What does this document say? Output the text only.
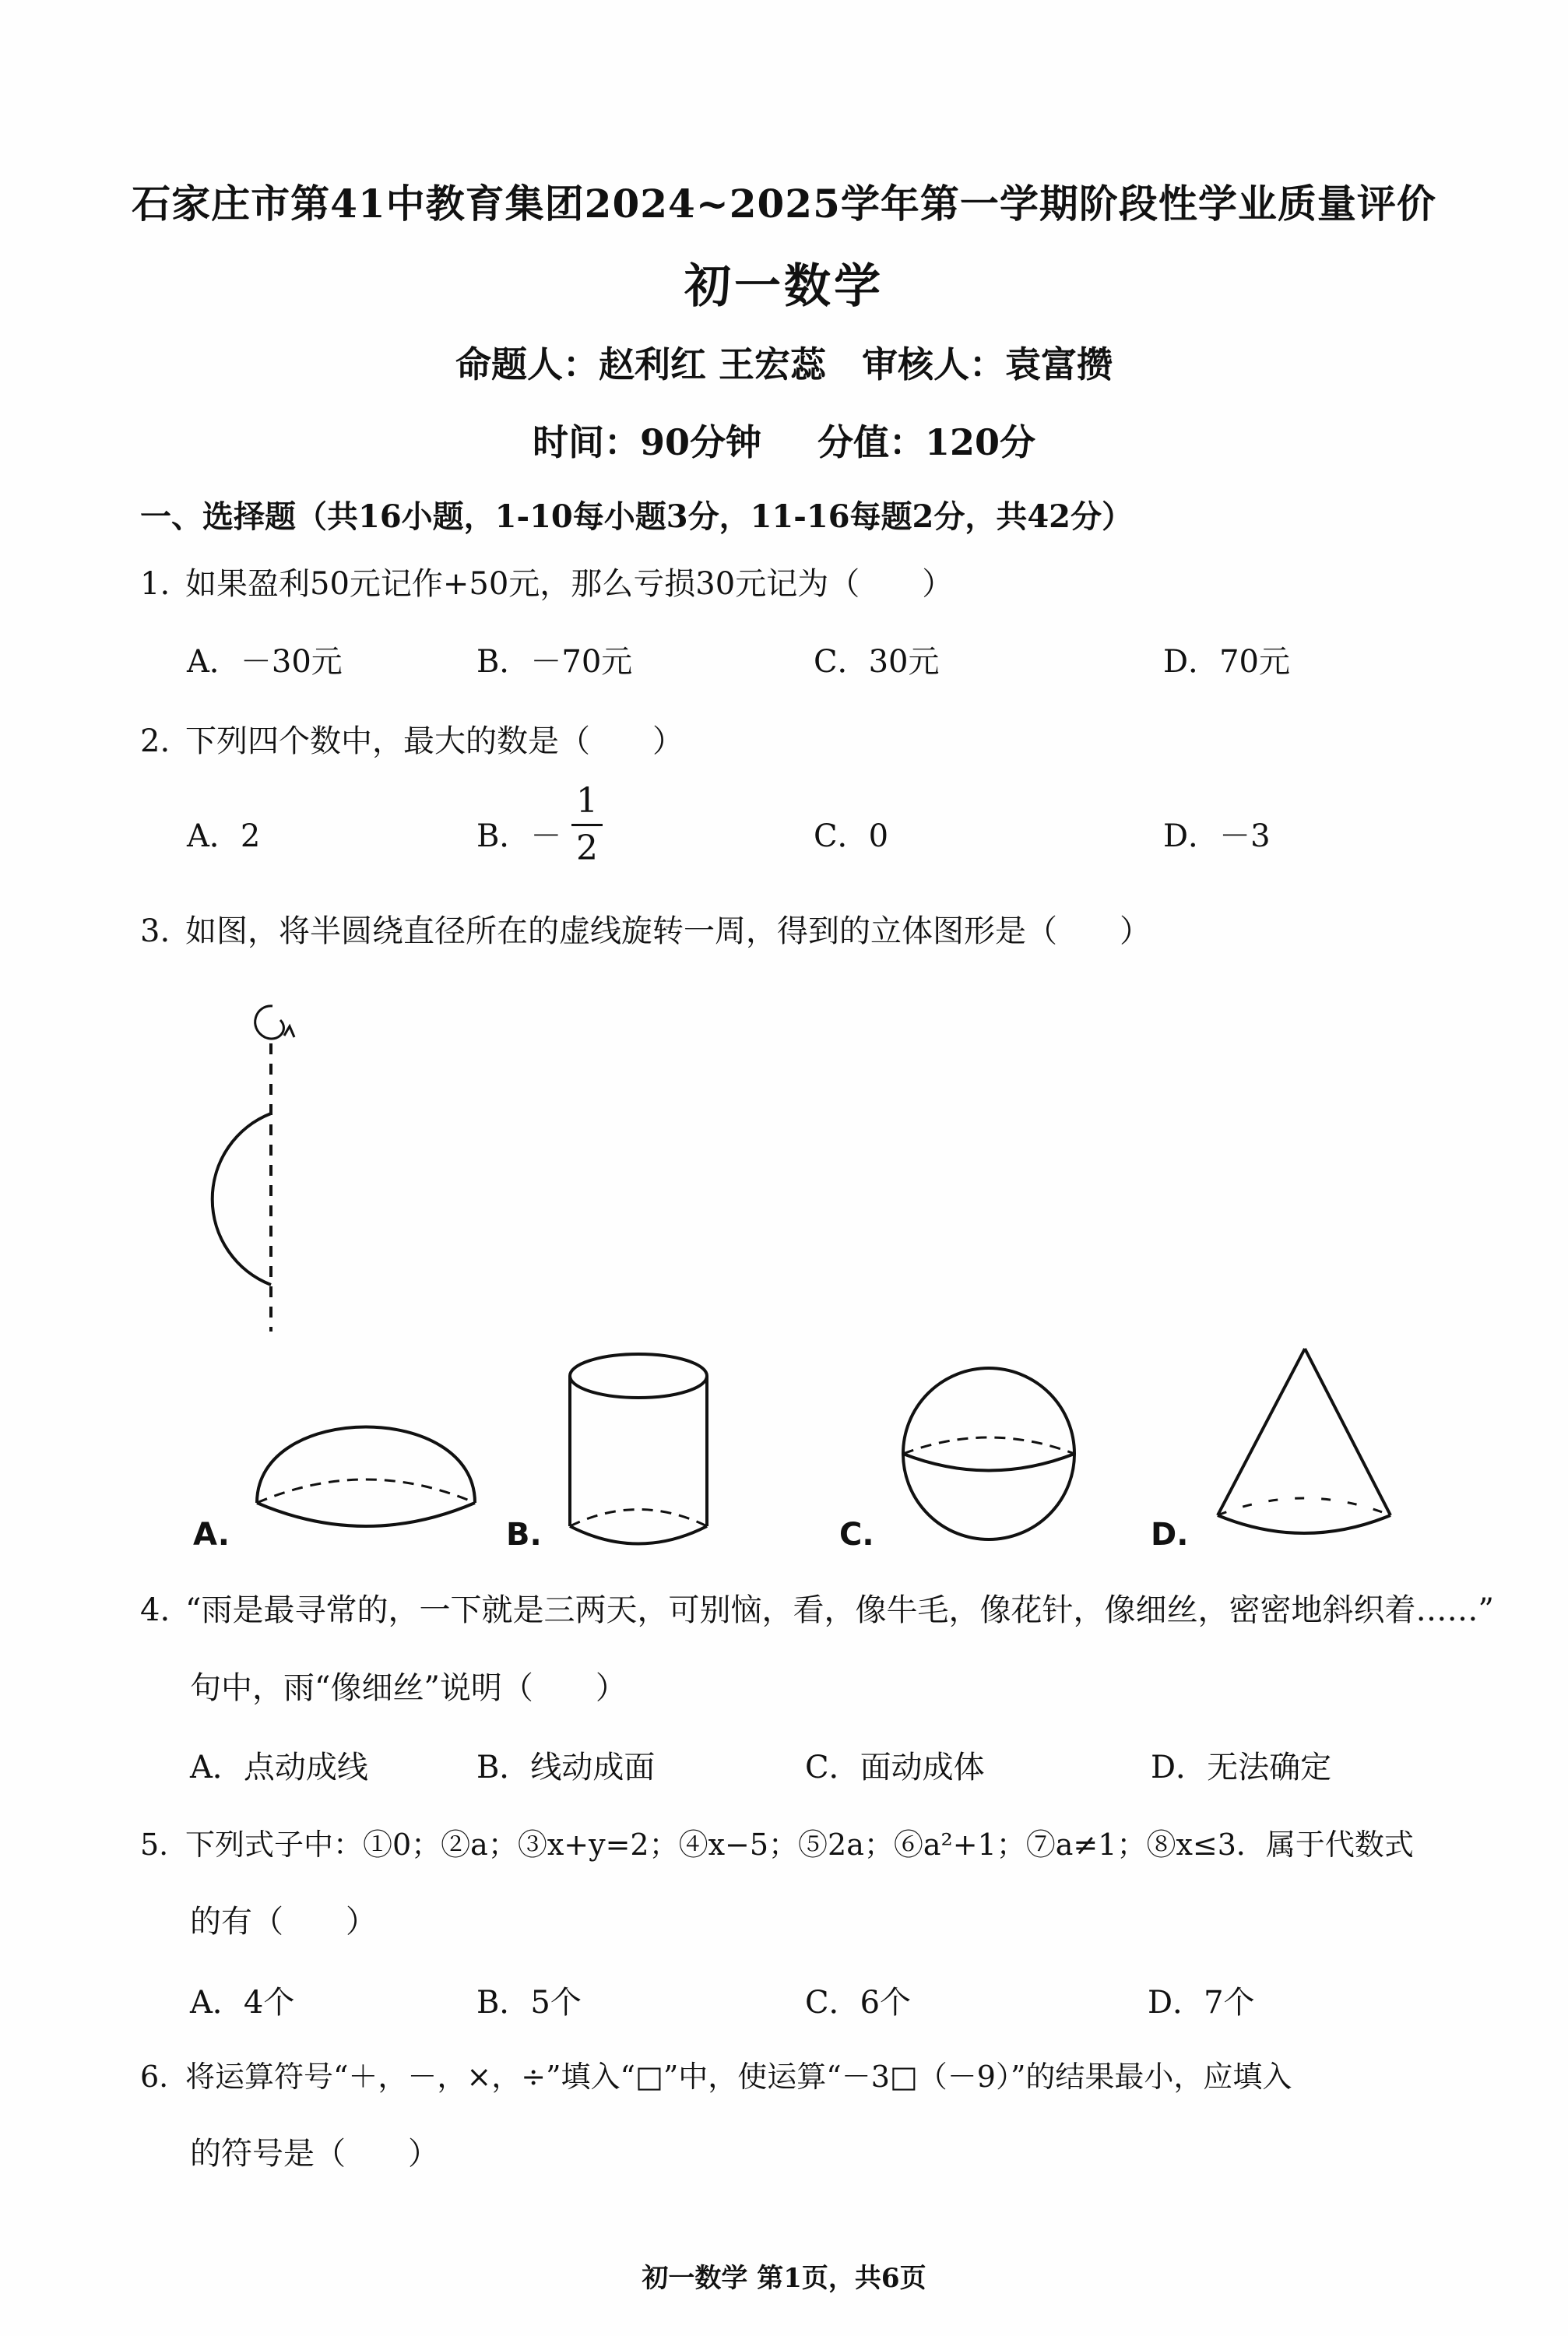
石家庄市第41中教育集团2024~2025学年第一学期阶段性学业质量评价
初一数学
命题人：赵利红 王宏蕊　审核人：袁富攒
时间：90分钟 分值：120分
一、选择题（共16小题，1-10每小题3分，11-16每题2分，共42分）
1. 如果盈利50元记作+50元，那么亏损30元记为（　　）
A．－30元	B．－70元	C．30元	D．70元
2. 下列四个数中，最大的数是（　　）
A．2	B．－
1
2	C．0	D．－3
3. 如图，将半圆绕直径所在的虚线旋转一周，得到的立体图形是（　　）
A.	B.	C.	D.
4. “雨是最寻常的，一下就是三两天，可别恼，看，像牛毛，像花针，像细丝，密密地斜织着……”
句中，雨“像细丝”说明（　　）
A．点动成线	B．线动成面	C．面动成体	D．无法确定
5. 下列式子中：①0；②a；③x+y=2；④x−5；⑤2a；⑥a²+1；⑦a≠1；⑧x≤3．属于代数式
的有（　　）
A．4个	B．5个	C．6个	D．7个
6. 将运算符号“＋，－，×，÷”填入“□”中，使运算“－3□（－9）”的结果最小，应填入
的符号是（　　）
初一数学 第1页，共6页
